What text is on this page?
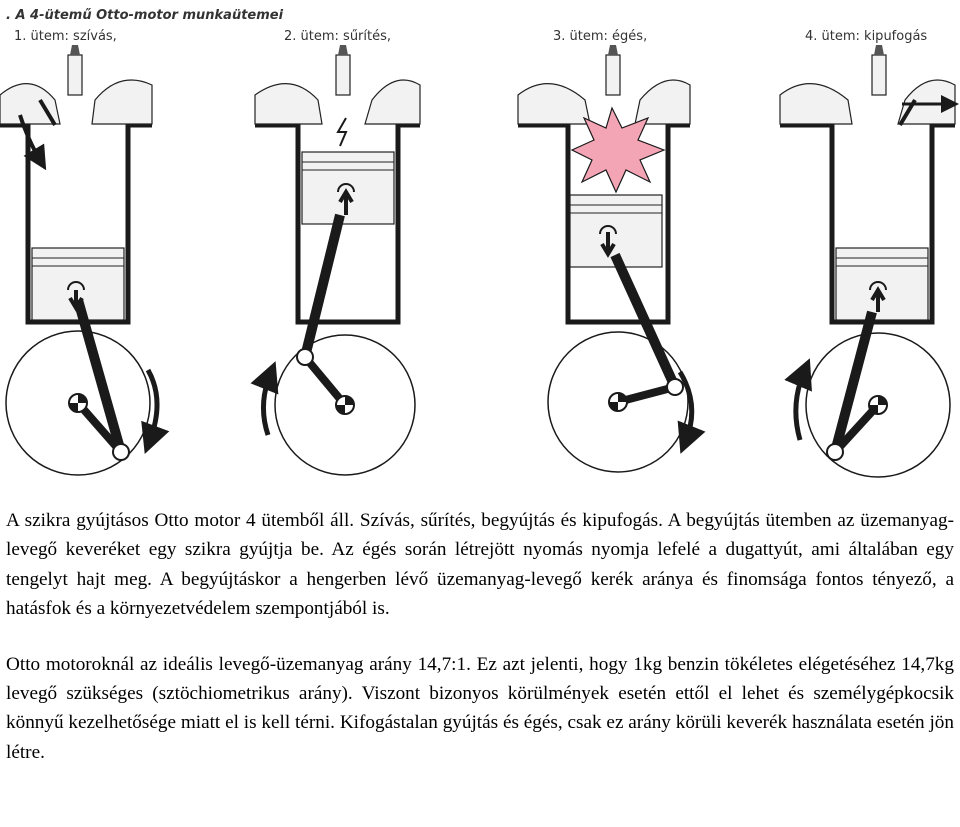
. A 4-ütemű Otto-motor munkaütemei
1. ütem: szívás,	2. ütem: sűrítés,	3. ütem: égés,	4. ütem: kipufogás

A szikra gyújtásos Otto motor 4 ütemből áll. Szívás, sűrítés, begyújtás és kipufogás. A begyújtás ütemben az üzemanyag-levegő keveréket egy szikra gyújtja be. Az égés során létrejött nyomás nyomja lefelé a dugattyút, ami általában egy tengelyt hajt meg. A begyújtáskor a hengerben lévő üzemanyag-levegő kerék aránya és finomsága fontos tényező, a hatásfok és a környezetvédelem szempontjából is.

Otto motoroknál az ideális levegő-üzemanyag arány 14,7:1. Ez azt jelenti, hogy 1kg benzin tökéletes elégetéséhez 14,7kg levegő szükséges (sztöchiometrikus arány). Viszont bizonyos körülmények esetén ettől el lehet és személygépkocsik könnyű kezelhetősége miatt el is kell térni. Kifogástalan gyújtás és égés, csak ez arány körüli keverék használata esetén jön létre.
